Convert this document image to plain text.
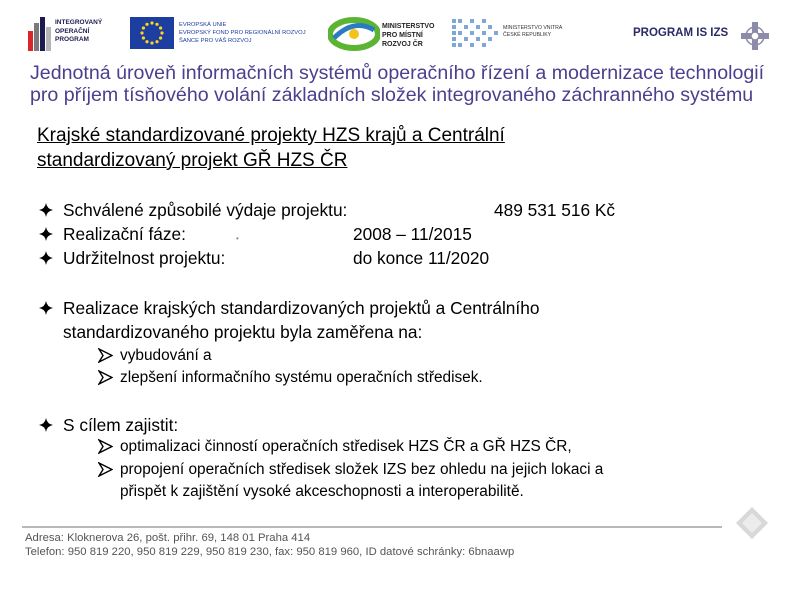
INTEGROVANÝ
OPERAČNÍ
PROGRAM
EVROPSKÁ UNIE
EVROPSKÝ FOND PRO REGIONÁLNÍ ROZVOJ
ŠANCE PRO VÁŠ ROZVOJ
MINISTERSTVO
PRO MÍSTNÍ
ROZVOJ ČR
MINISTERSTVO VNITRA
ČESKÉ REPUBLIKY	PROGRAM IS IZS
Jednotná úroveň informačních systémů operačního řízení a modernizace technologií
pro příjem tísňového volání základních složek integrovaného záchranného systému
Krajské standardizované projekty HZS krajů a Centrální
standardizovaný projekt GŘ HZS ČR
Schválené způsobilé výdaje projektu:	489 531 516 Kč
Realizační fáze:	2008 – 11/2015
•
Udržitelnost projektu:	do konce 11/2020
Realizace krajských standardizovaných projektů a Centrálního
standardizovaného projektu byla zaměřena na:
vybudování a
zlepšení informačního systému operačních středisek.
S cílem zajistit:
optimalizaci činností operačních středisek HZS ČR a GŘ HZS ČR,
propojení operačních středisek složek IZS bez ohledu na jejich lokaci a
přispět k zajištění vysoké akceschopnosti a interoperabilitě.
Adresa: Kloknerova 26, pošt. přihr. 69, 148 01 Praha 414
Telefon: 950 819 220, 950 819 229, 950 819 230, fax: 950 819 960, ID datové schránky: 6bnaawp
